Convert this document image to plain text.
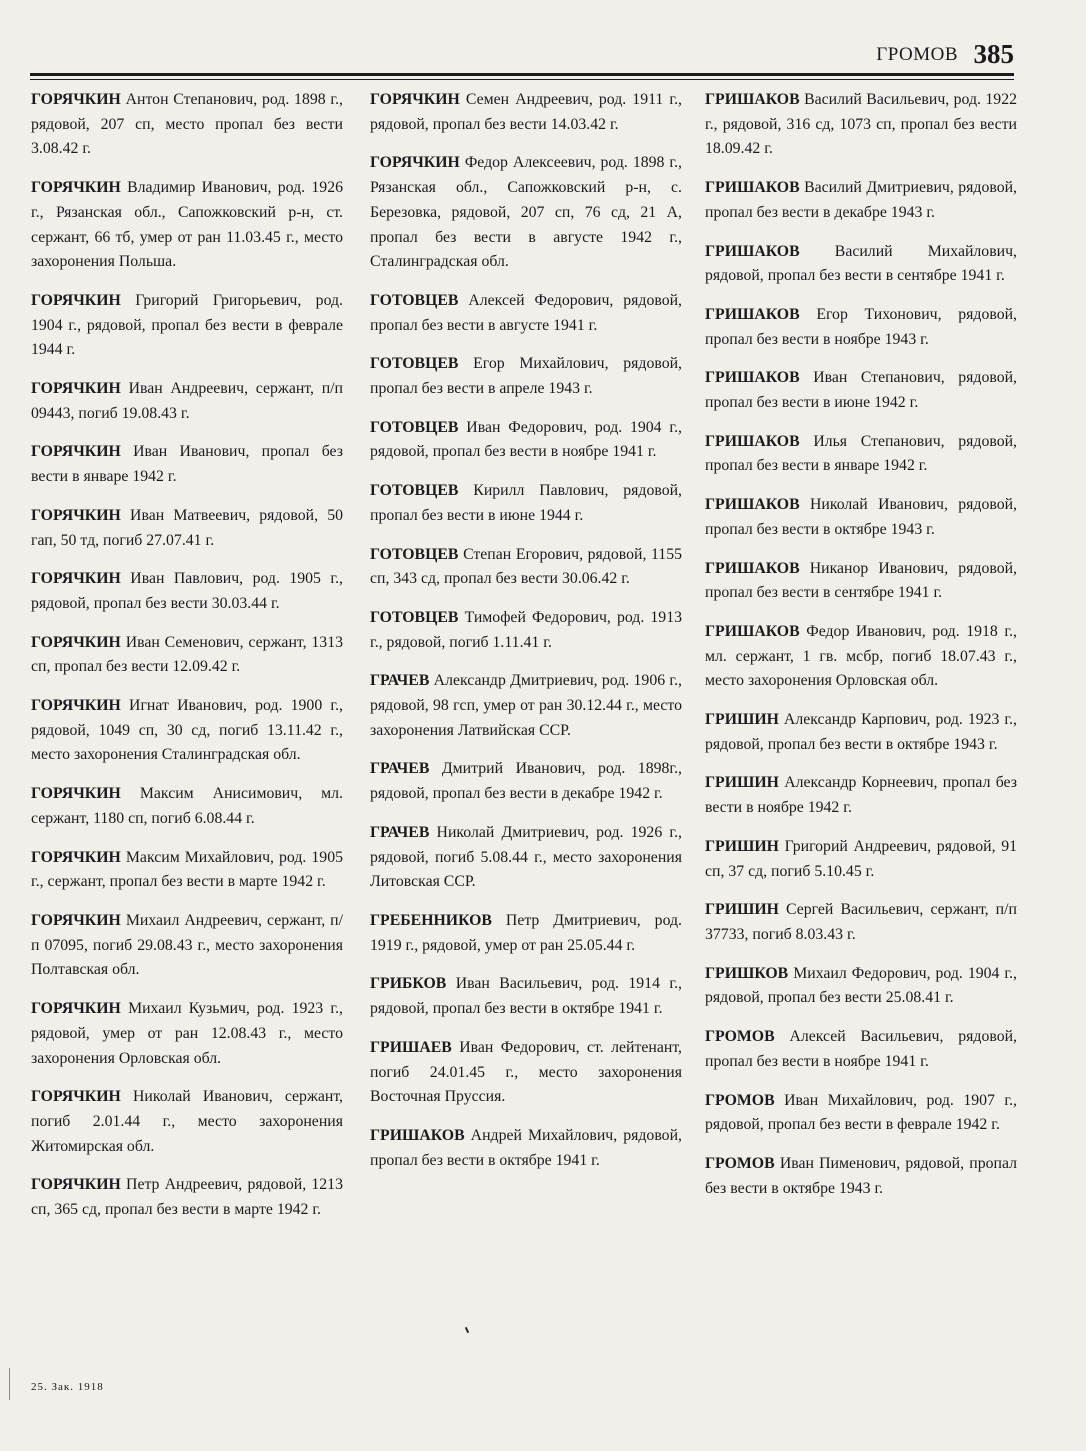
ГРОМОВ 385

ГОРЯЧКИН Антон Степанович, род. 1898 г., рядовой, 207 сп, место пропал без вести 3.08.42 г.

ГОРЯЧКИН Владимир Иванович, род. 1926 г., Рязанская обл., Сапожковский р-н, ст. сержант, 66 тб, умер от ран 11.03.45 г., место захоронения Польша.

ГОРЯЧКИН Григорий Григорьевич, род. 1904 г., рядовой, пропал без вести в феврале 1944 г.

ГОРЯЧКИН Иван Андреевич, сержант, п/п 09443, погиб 19.08.43 г.

ГОРЯЧКИН Иван Иванович, пропал без вести в январе 1942 г.

ГОРЯЧКИН Иван Матвеевич, рядовой, 50 гап, 50 тд, погиб 27.07.41 г.

ГОРЯЧКИН Иван Павлович, род. 1905 г., рядовой, пропал без вести 30.03.44 г.

ГОРЯЧКИН Иван Семенович, сержант, 1313 сп, пропал без вести 12.09.42 г.

ГОРЯЧКИН Игнат Иванович, род. 1900 г., рядовой, 1049 сп, 30 сд, погиб 13.11.42 г., место захоронения Сталинградская обл.

ГОРЯЧКИН Максим Анисимович, мл. сержант, 1180 сп, погиб 6.08.44 г.

ГОРЯЧКИН Максим Михайлович, род. 1905 г., сержант, пропал без вести в марте 1942 г.

ГОРЯЧКИН Михаил Андреевич, сержант, п/п 07095, погиб 29.08.43 г., место захоронения Полтавская обл.

ГОРЯЧКИН Михаил Кузьмич, род. 1923 г., рядовой, умер от ран 12.08.43 г., место захоронения Орловская обл.

ГОРЯЧКИН Николай Иванович, сержант, погиб 2.01.44 г., место захоронения Житомирская обл.

ГОРЯЧКИН Петр Андреевич, рядовой, 1213 сп, 365 сд, пропал без вести в марте 1942 г.

ГОРЯЧКИН Семен Андреевич, род. 1911 г., рядовой, пропал без вести 14.03.42 г.

ГОРЯЧКИН Федор Алексеевич, род. 1898 г., Рязанская обл., Сапожковский р-н, с. Березовка, рядовой, 207 сп, 76 сд, 21 А, пропал без вести в августе 1942 г., Сталинградская обл.

ГОТОВЦЕВ Алексей Федорович, рядовой, пропал без вести в августе 1941 г.

ГОТОВЦЕВ Егор Михайлович, рядовой, пропал без вести в апреле 1943 г.

ГОТОВЦЕВ Иван Федорович, род. 1904 г., рядовой, пропал без вести в ноябре 1941 г.

ГОТОВЦЕВ Кирилл Павлович, рядовой, пропал без вести в июне 1944 г.

ГОТОВЦЕВ Степан Егорович, рядовой, 1155 сп, 343 сд, пропал без вести 30.06.42 г.

ГОТОВЦЕВ Тимофей Федорович, род. 1913 г., рядовой, погиб 1.11.41 г.

ГРАЧЕВ Александр Дмитриевич, род. 1906 г., рядовой, 98 гсп, умер от ран 30.12.44 г., место захоронения Латвийская ССР.

ГРАЧЕВ Дмитрий Иванович, род. 1898г., рядовой, пропал без вести в декабре 1942 г.

ГРАЧЕВ Николай Дмитриевич, род. 1926 г., рядовой, погиб 5.08.44 г., место захоронения Литовская ССР.

ГРЕБЕННИКОВ Петр Дмитриевич, род. 1919 г., рядовой, умер от ран 25.05.44 г.

ГРИБКОВ Иван Васильевич, род. 1914 г., рядовой, пропал без вести в октябре 1941 г.

ГРИШАЕВ Иван Федорович, ст. лейтенант, погиб 24.01.45 г., место захоронения Восточная Пруссия.

ГРИШАКОВ Андрей Михайлович, рядовой, пропал без вести в октябре 1941 г.

ГРИШАКОВ Василий Васильевич, род. 1922 г., рядовой, 316 сд, 1073 сп, пропал без вести 18.09.42 г.

ГРИШАКОВ Василий Дмитриевич, рядовой, пропал без вести в декабре 1943 г.

ГРИШАКОВ Василий Михайлович, рядовой, пропал без вести в сентябре 1941 г.

ГРИШАКОВ Егор Тихонович, рядовой, пропал без вести в ноябре 1943 г.

ГРИШАКОВ Иван Степанович, рядовой, пропал без вести в июне 1942 г.

ГРИШАКОВ Илья Степанович, рядовой, пропал без вести в январе 1942 г.

ГРИШАКОВ Николай Иванович, рядовой, пропал без вести в октябре 1943 г.

ГРИШАКОВ Никанор Иванович, рядовой, пропал без вести в сентябре 1941 г.

ГРИШАКОВ Федор Иванович, род. 1918 г., мл. сержант, 1 гв. мсбр, погиб 18.07.43 г., место захоронения Орловская обл.

ГРИШИН Александр Карпович, род. 1923 г., рядовой, пропал без вести в октябре 1943 г.

ГРИШИН Александр Корнеевич, пропал без вести в ноябре 1942 г.

ГРИШИН Григорий Андреевич, рядовой, 91 сп, 37 сд, погиб 5.10.45 г.

ГРИШИН Сергей Васильевич, сержант, п/п 37733, погиб 8.03.43 г.

ГРИШКОВ Михаил Федорович, род. 1904 г., рядовой, пропал без вести 25.08.41 г.

ГРОМОВ Алексей Васильевич, рядовой, пропал без вести в ноябре 1941 г.

ГРОМОВ Иван Михайлович, род. 1907 г., рядовой, пропал без вести в феврале 1942 г.

ГРОМОВ Иван Пименович, рядовой, пропал без вести в октябре 1943 г.

25. Зак. 1918
